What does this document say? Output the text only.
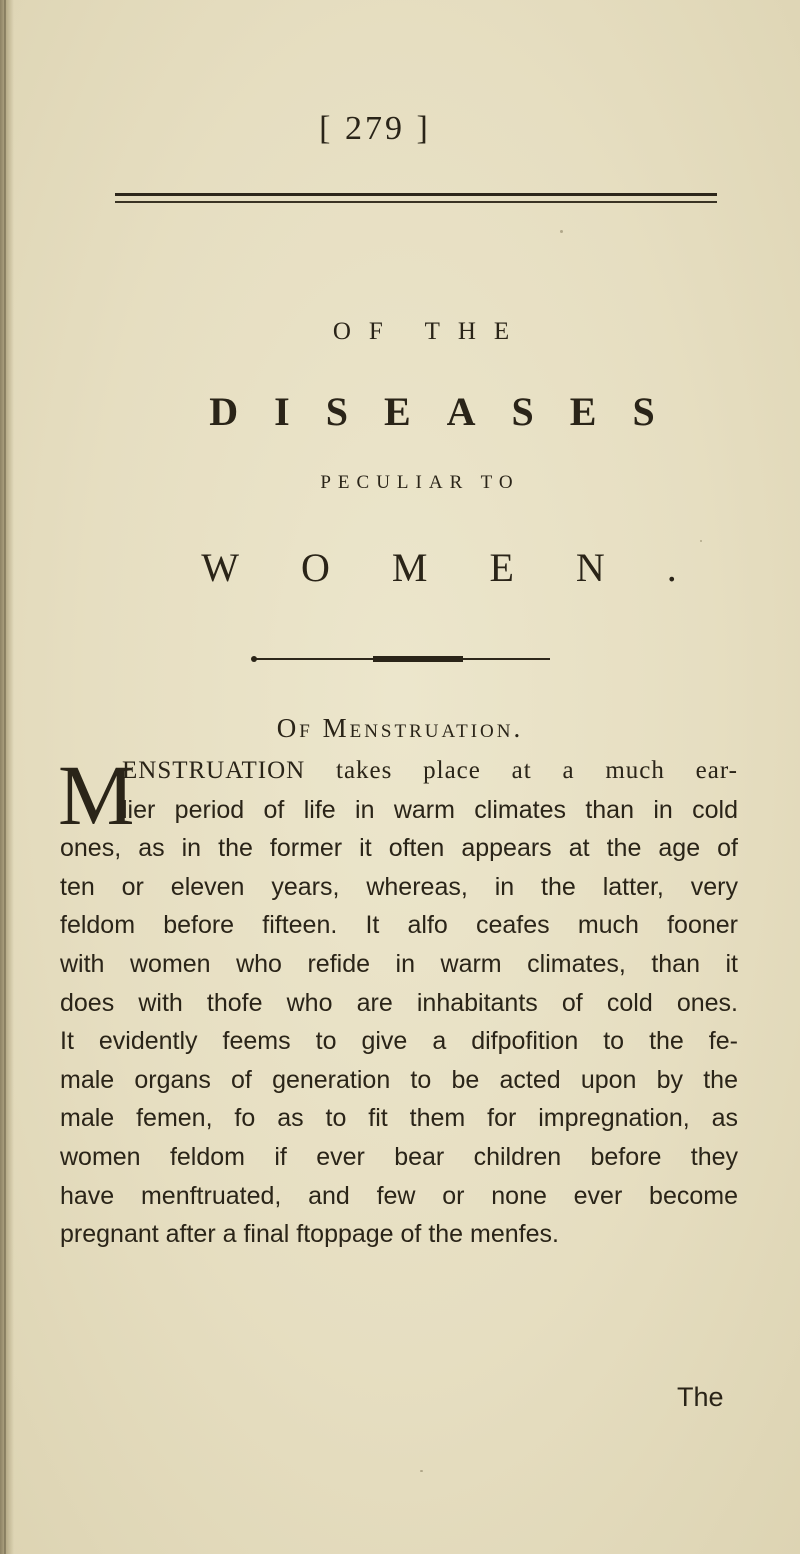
[ 279 ]
OF THE
DISEASES
PECULIAR TO
WOMEN.
Of Menstruation.
M
ENSTRUATION takes place at a much ear-
lier period of life in warm climates than in cold
ones, as in the former it often appears at the age of
ten or eleven years, whereas, in the latter, very
feldom before fifteen. It alfo ceafes much fooner
with women who refide in warm climates, than it
does with thofe who are inhabitants of cold ones.
It evidently feems to give a difpofition to the fe-
male organs of generation to be acted upon by the
male femen, fo as to fit them for impregnation, as
women feldom if ever bear children before they
have menftruated, and few or none ever become
pregnant after a final ftoppage of the menfes.
The
